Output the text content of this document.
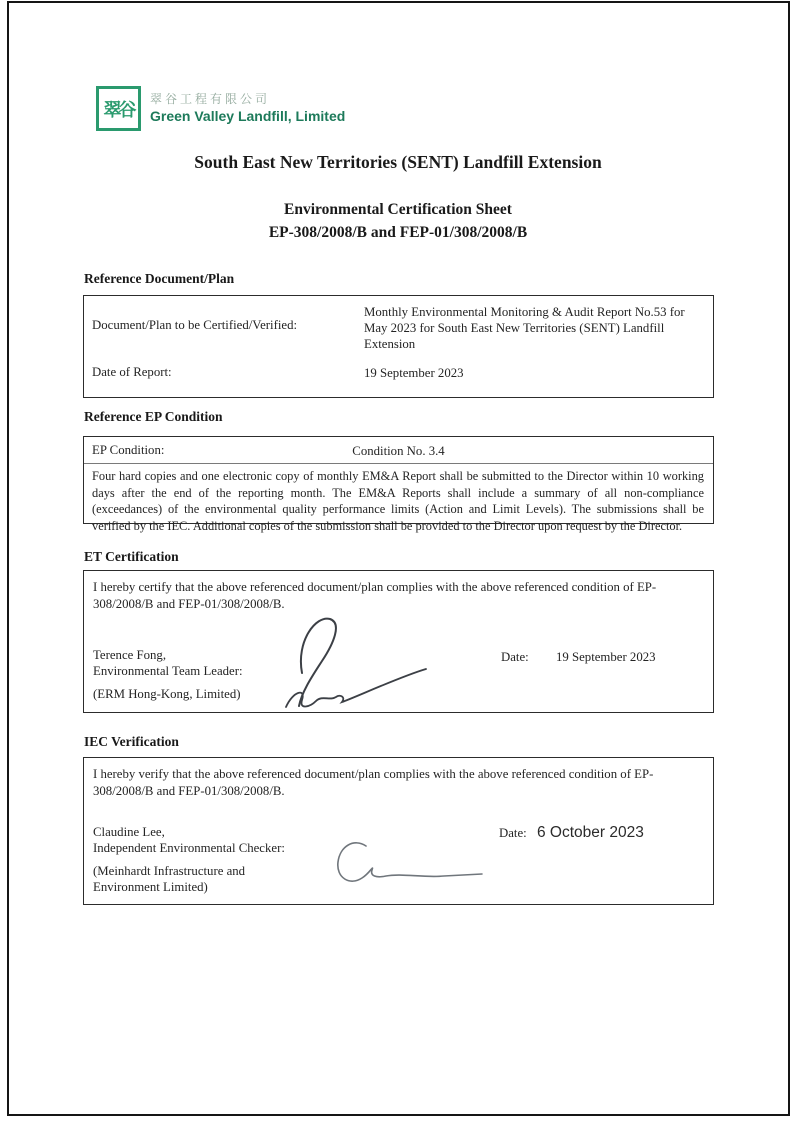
翠谷
翠谷工程有限公司
Green Valley Landfill, Limited
South East New Territories (SENT) Landfill Extension
Environmental Certification Sheet
EP-308/2008/B and FEP-01/308/2008/B
Reference Document/Plan
Document/Plan to be Certified/Verified:
Monthly Environmental Monitoring & Audit Report No.53 for May 2023 for South East New Territories (SENT) Landfill Extension
Date of Report:	19 September 2023
Reference EP Condition
EP Condition:	Condition No. 3.4
Four hard copies and one electronic copy of monthly EM&A Report shall be submitted to the Director within 10 working days after the end of the reporting month. The EM&A Reports shall include a summary of all non-compliance (exceedances) of the environmental quality performance limits (Action and Limit Levels). The submissions shall be verified by the IEC. Additional copies of the submission shall be provided to the Director upon request by the Director.
ET Certification
I hereby certify that the above referenced document/plan complies with the above referenced condition of EP-308/2008/B and FEP-01/308/2008/B.
Terence Fong,
Environmental Team Leader:
(ERM Hong-Kong, Limited)
Date: 19 September 2023
IEC Verification
I hereby verify that the above referenced document/plan complies with the above referenced condition of EP-308/2008/B and FEP-01/308/2008/B.
Claudine Lee,
Independent Environmental Checker:
(Meinhardt Infrastructure and
Environment Limited)
Date: 6 October 2023
